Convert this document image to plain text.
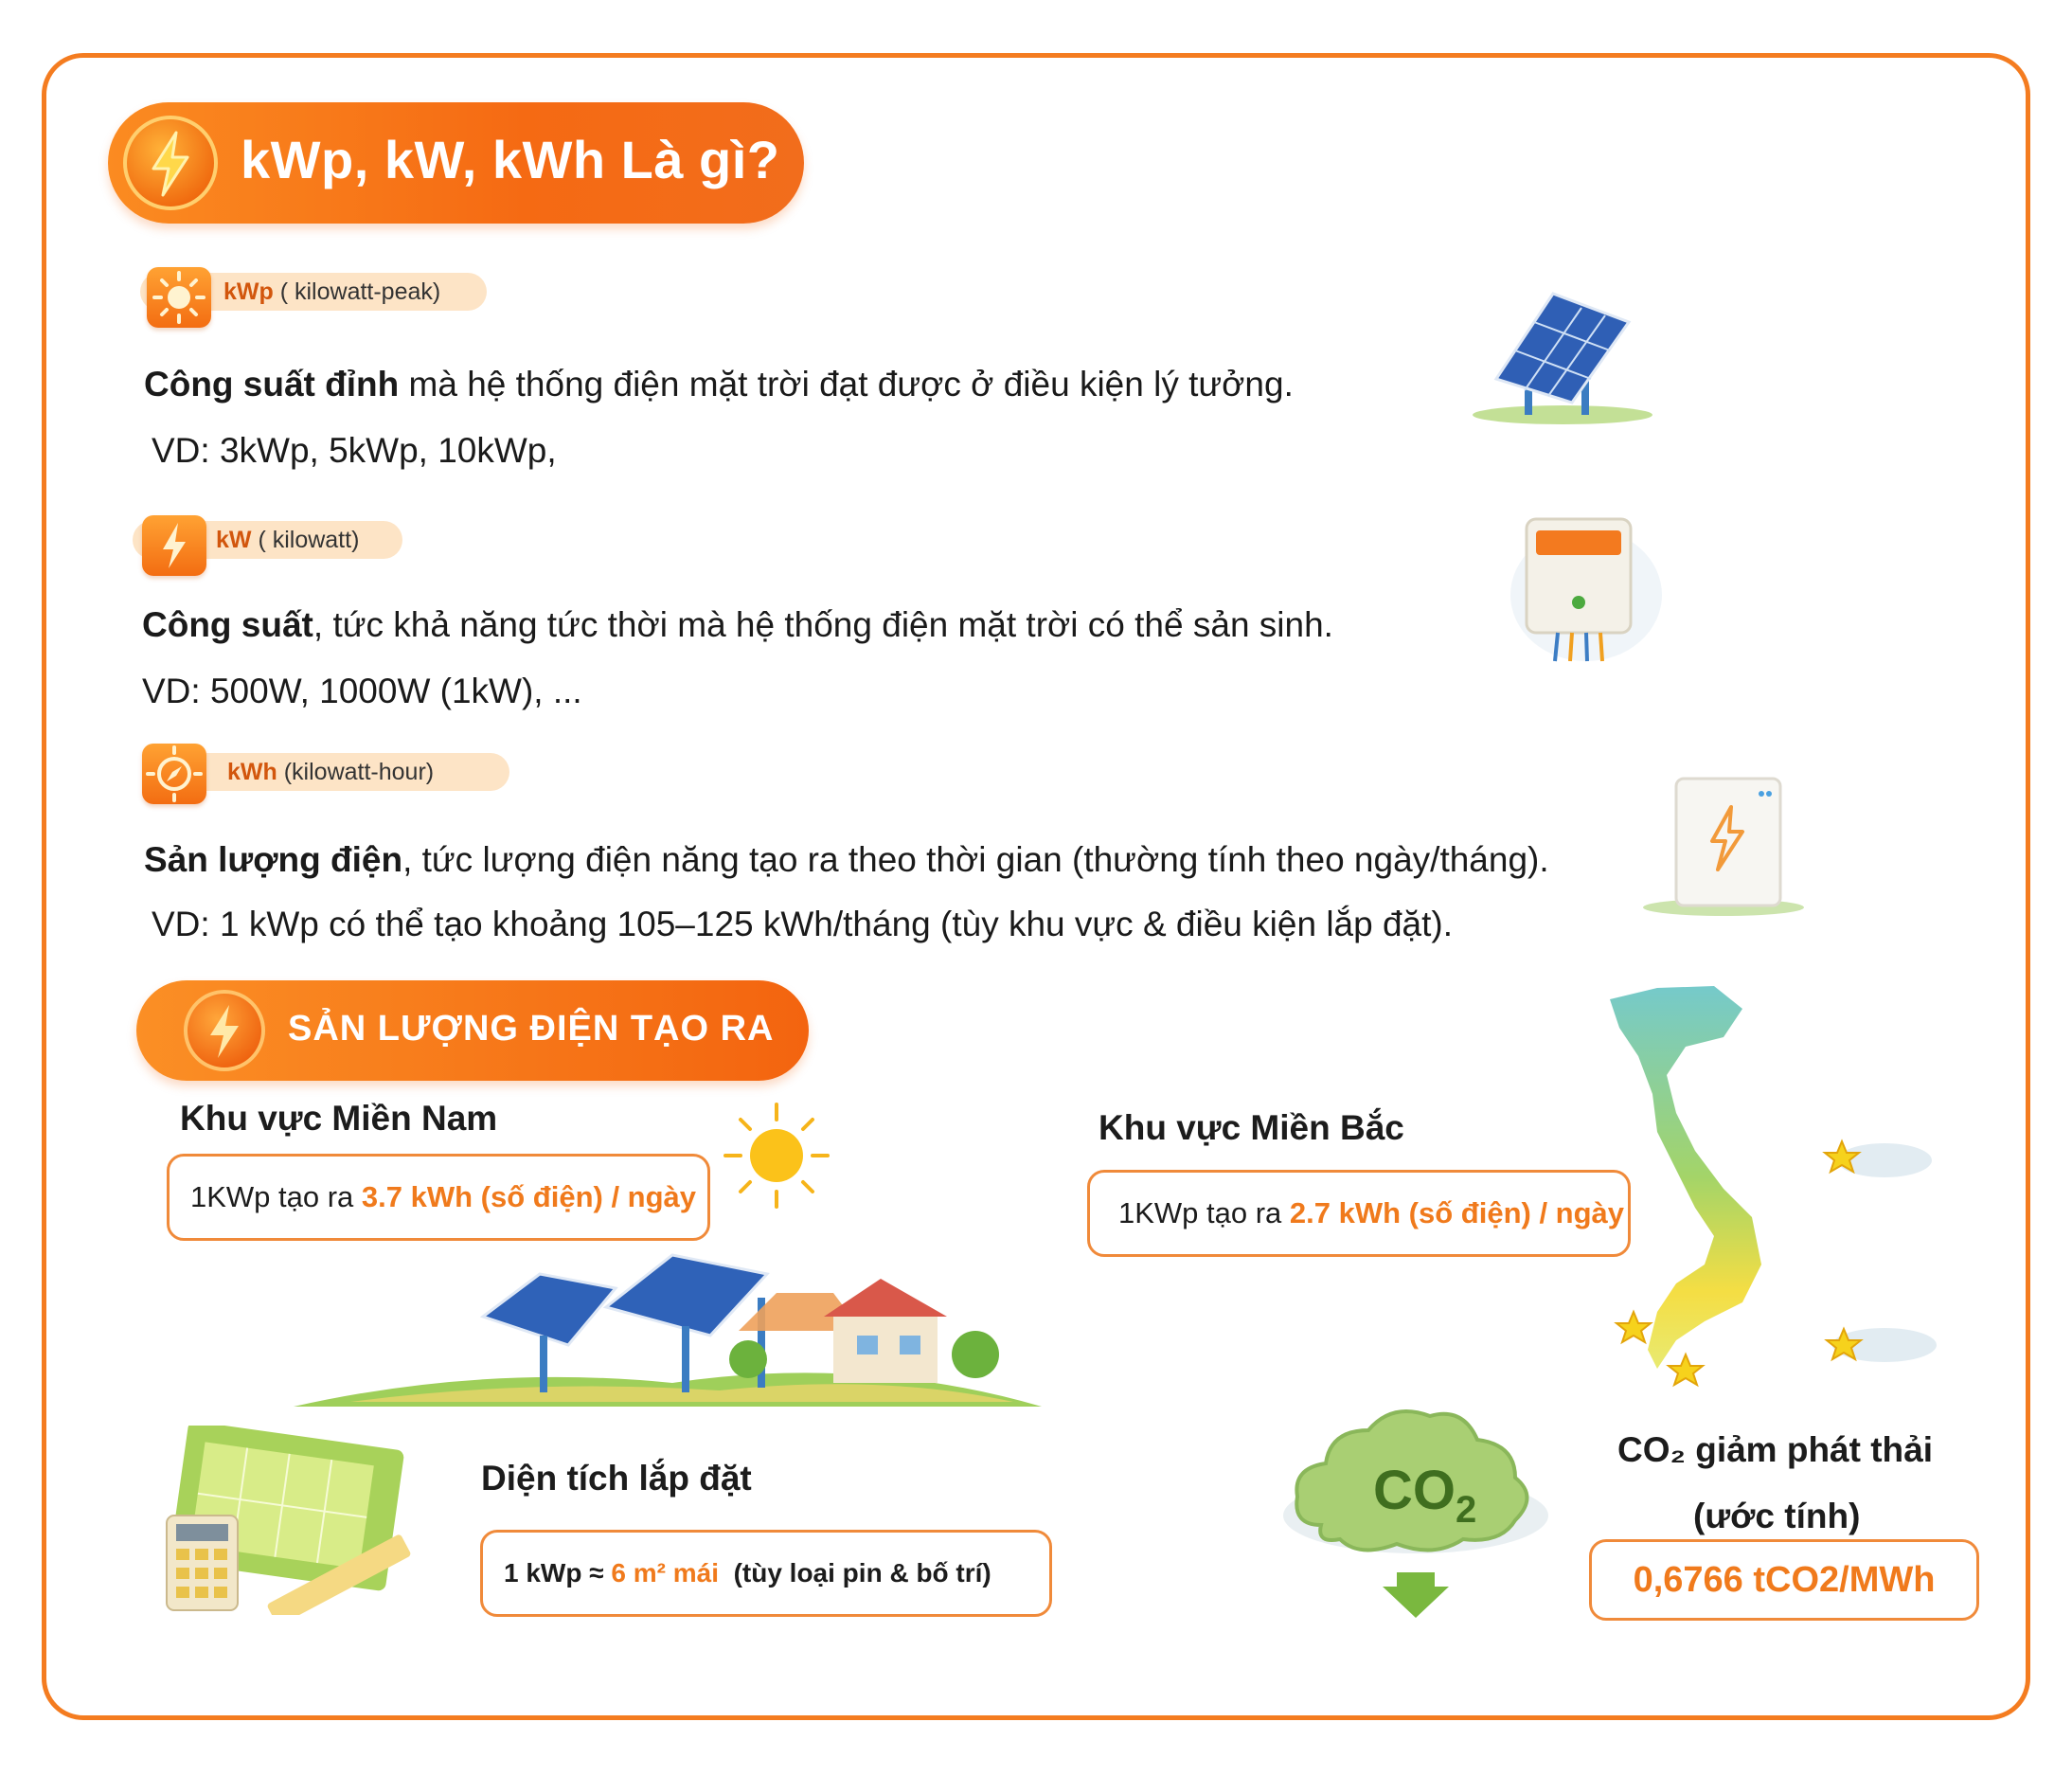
kWp, kW, kWh Là gì?
kWp ( kilowatt-peak)
Công suất đỉnh mà hệ thống điện mặt trời đạt được ở điều kiện lý tưởng.
VD: 3kWp, 5kWp, 10kWp,
kW ( kilowatt)
Công suất, tức khả năng tức thời mà hệ thống điện mặt trời có thể sản sinh.
VD: 500W, 1000W (1kW), ...
kWh (kilowatt-hour)
Sản lượng điện, tức lượng điện năng tạo ra theo thời gian (thường tính theo ngày/tháng).
VD: 1 kWp có thể tạo khoảng 105–125 kWh/tháng (tùy khu vực & điều kiện lắp đặt).
SẢN LƯỢNG ĐIỆN TẠO RA
Khu vực Miền Nam
1KWp tạo ra 3.7 kWh (số điện) / ngày
Khu vực Miền Bắc
1KWp tạo ra 2.7 kWh (số điện) / ngày
Diện tích lắp đặt
1 kWp ≈ 6 m² mái
(tùy loại pin & bố trí)
$CO_2$
CO₂ giảm phát thải
(ước tính)
0,6766 tCO2/MWh
